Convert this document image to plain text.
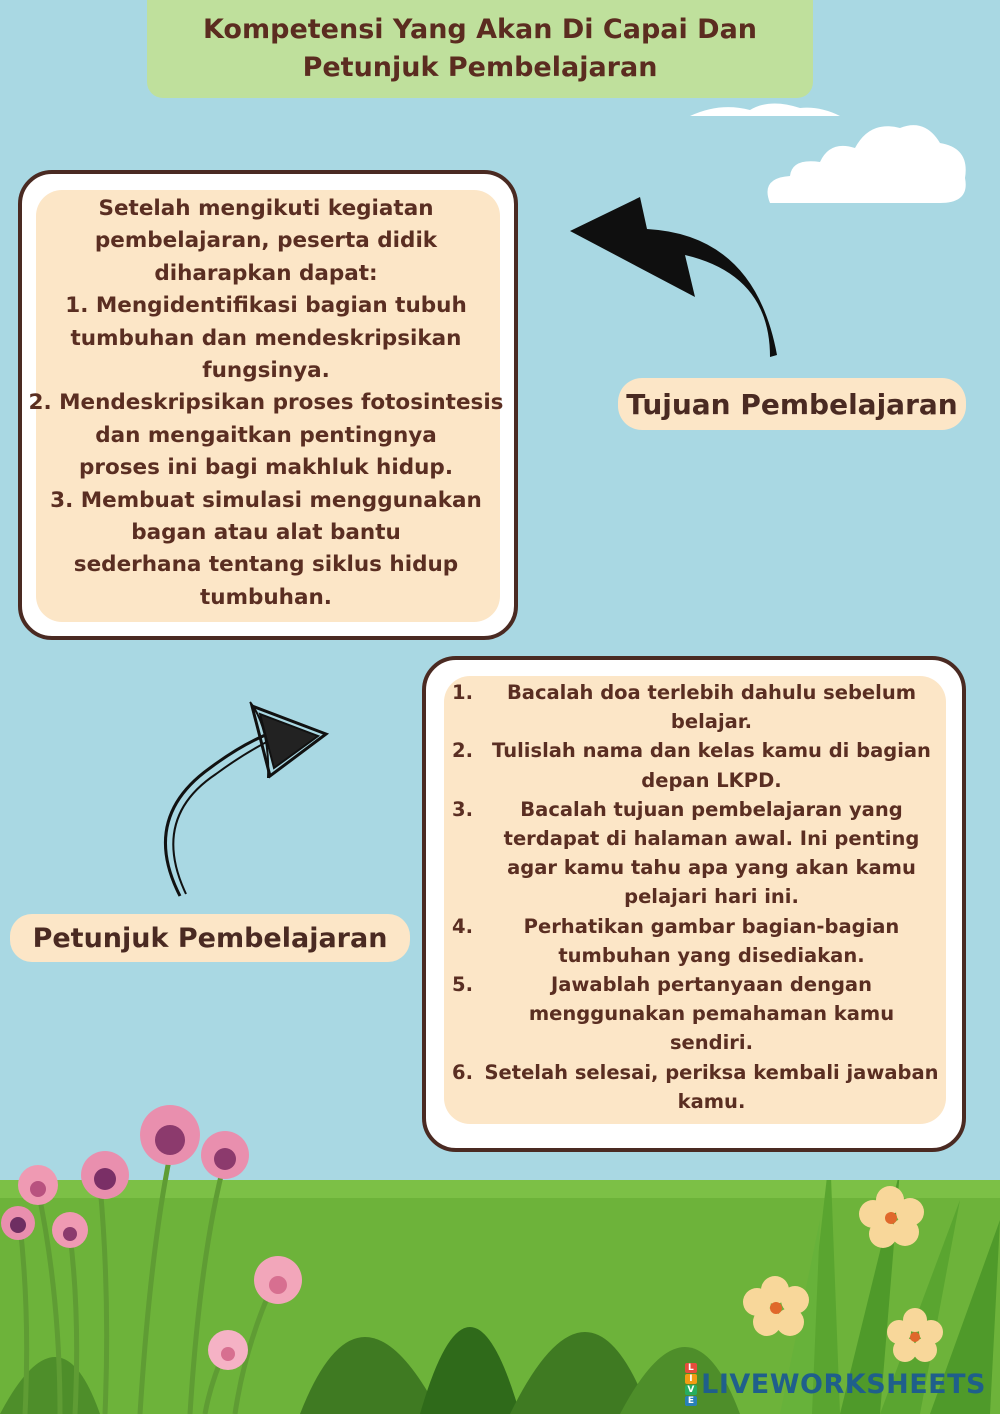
Kompetensi Yang Akan Di Capai Dan
Petunjuk Pembelajaran
Setelah mengikuti kegiatan
pembelajaran, peserta didik
diharapkan dapat:
1. Mengidentifikasi bagian tubuh
tumbuhan dan mendeskripsikan
fungsinya.
2. Mendeskripsikan proses fotosintesis
dan mengaitkan pentingnya
proses ini bagi makhluk hidup.
3. Membuat simulasi menggunakan
bagan atau alat bantu
sederhana tentang siklus hidup
tumbuhan.
Tujuan Pembelajaran
1.	Bacalah doa terlebih dahulu sebelum
belajar.
2. Tulislah nama dan kelas kamu di bagian
depan LKPD.
3.	Bacalah tujuan pembelajaran yang
terdapat di halaman awal. Ini penting
agar kamu tahu apa yang akan kamu
pelajari hari ini.
4.	Perhatikan gambar bagian-bagian
tumbuhan yang disediakan.
5.	Jawablah pertanyaan dengan
menggunakan pemahaman kamu
sendiri.
6. Setelah selesai, periksa kembali jawaban
kamu.
Petunjuk Pembelajaran
L
I
V
E
LIVEWORKSHEETS
